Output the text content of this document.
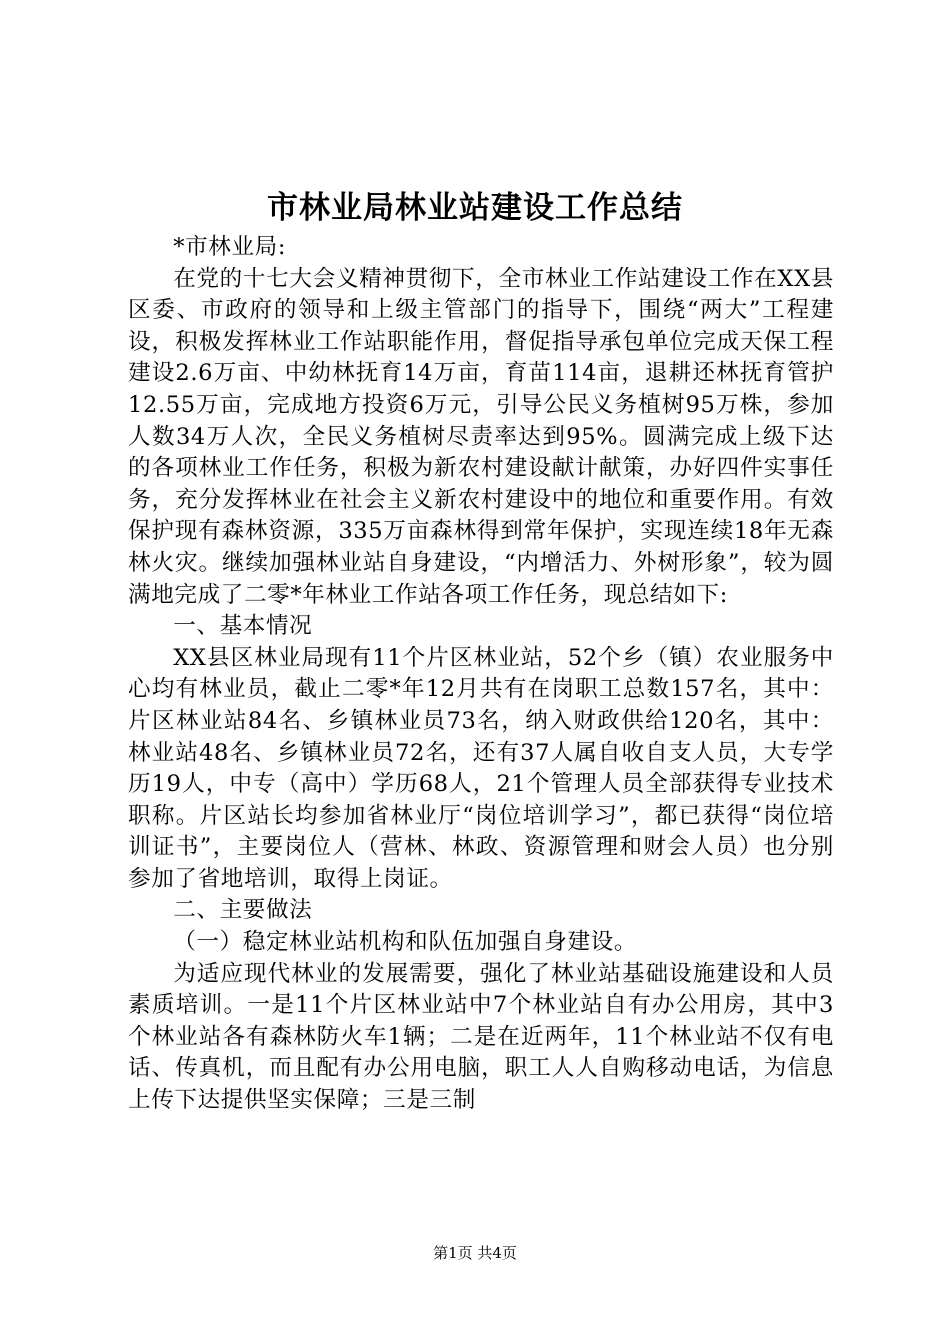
市林业局林业站建设工作总结

*市林业局:

在党的十七大会义精神贯彻下，全市林业工作站建设工作在XX县区委、市政府的领导和上级主管部门的指导下，围绕“两大”工程建设，积极发挥林业工作站职能作用，督促指导承包单位完成天保工程建设2.6万亩、中幼林抚育14万亩，育苗114亩，退耕还林抚育管护12.55万亩，完成地方投资6万元，引导公民义务植树95万株，参加人数34万人次，全民义务植树尽责率达到95%。圆满完成上级下达的各项林业工作任务，积极为新农村建设献计献策，办好四件实事任务，充分发挥林业在社会主义新农村建设中的地位和重要作用。有效保护现有森林资源，335万亩森林得到常年保护，实现连续18年无森林火灾。继续加强林业站自身建设，“内增活力、外树形象”，较为圆满地完成了二零*年林业工作站各项工作任务，现总结如下:

一、基本情况

XX县区林业局现有11个片区林业站，52个乡（镇）农业服务中心均有林业员，截止二零*年12月共有在岗职工总数157名，其中：片区林业站84名、乡镇林业员73名，纳入财政供给120名，其中：林业站48名、乡镇林业员72名，还有37人属自收自支人员，大专学历19人，中专（高中）学历68人，21个管理人员全部获得专业技术职称。片区站长均参加省林业厅“岗位培训学习”，都已获得“岗位培训证书”，主要岗位人（营林、林政、资源管理和财会人员）也分别参加了省地培训，取得上岗证。

二、主要做法

（一）稳定林业站机构和队伍加强自身建设。

为适应现代林业的发展需要，强化了林业站基础设施建设和人员素质培训。一是11个片区林业站中7个林业站自有办公用房，其中3个林业站各有森林防火车1辆；二是在近两年，11个林业站不仅有电话、传真机，而且配有办公用电脑，职工人人自购移动电话，为信息上传下达提供坚实保障；三是三制

第1页 共4页
